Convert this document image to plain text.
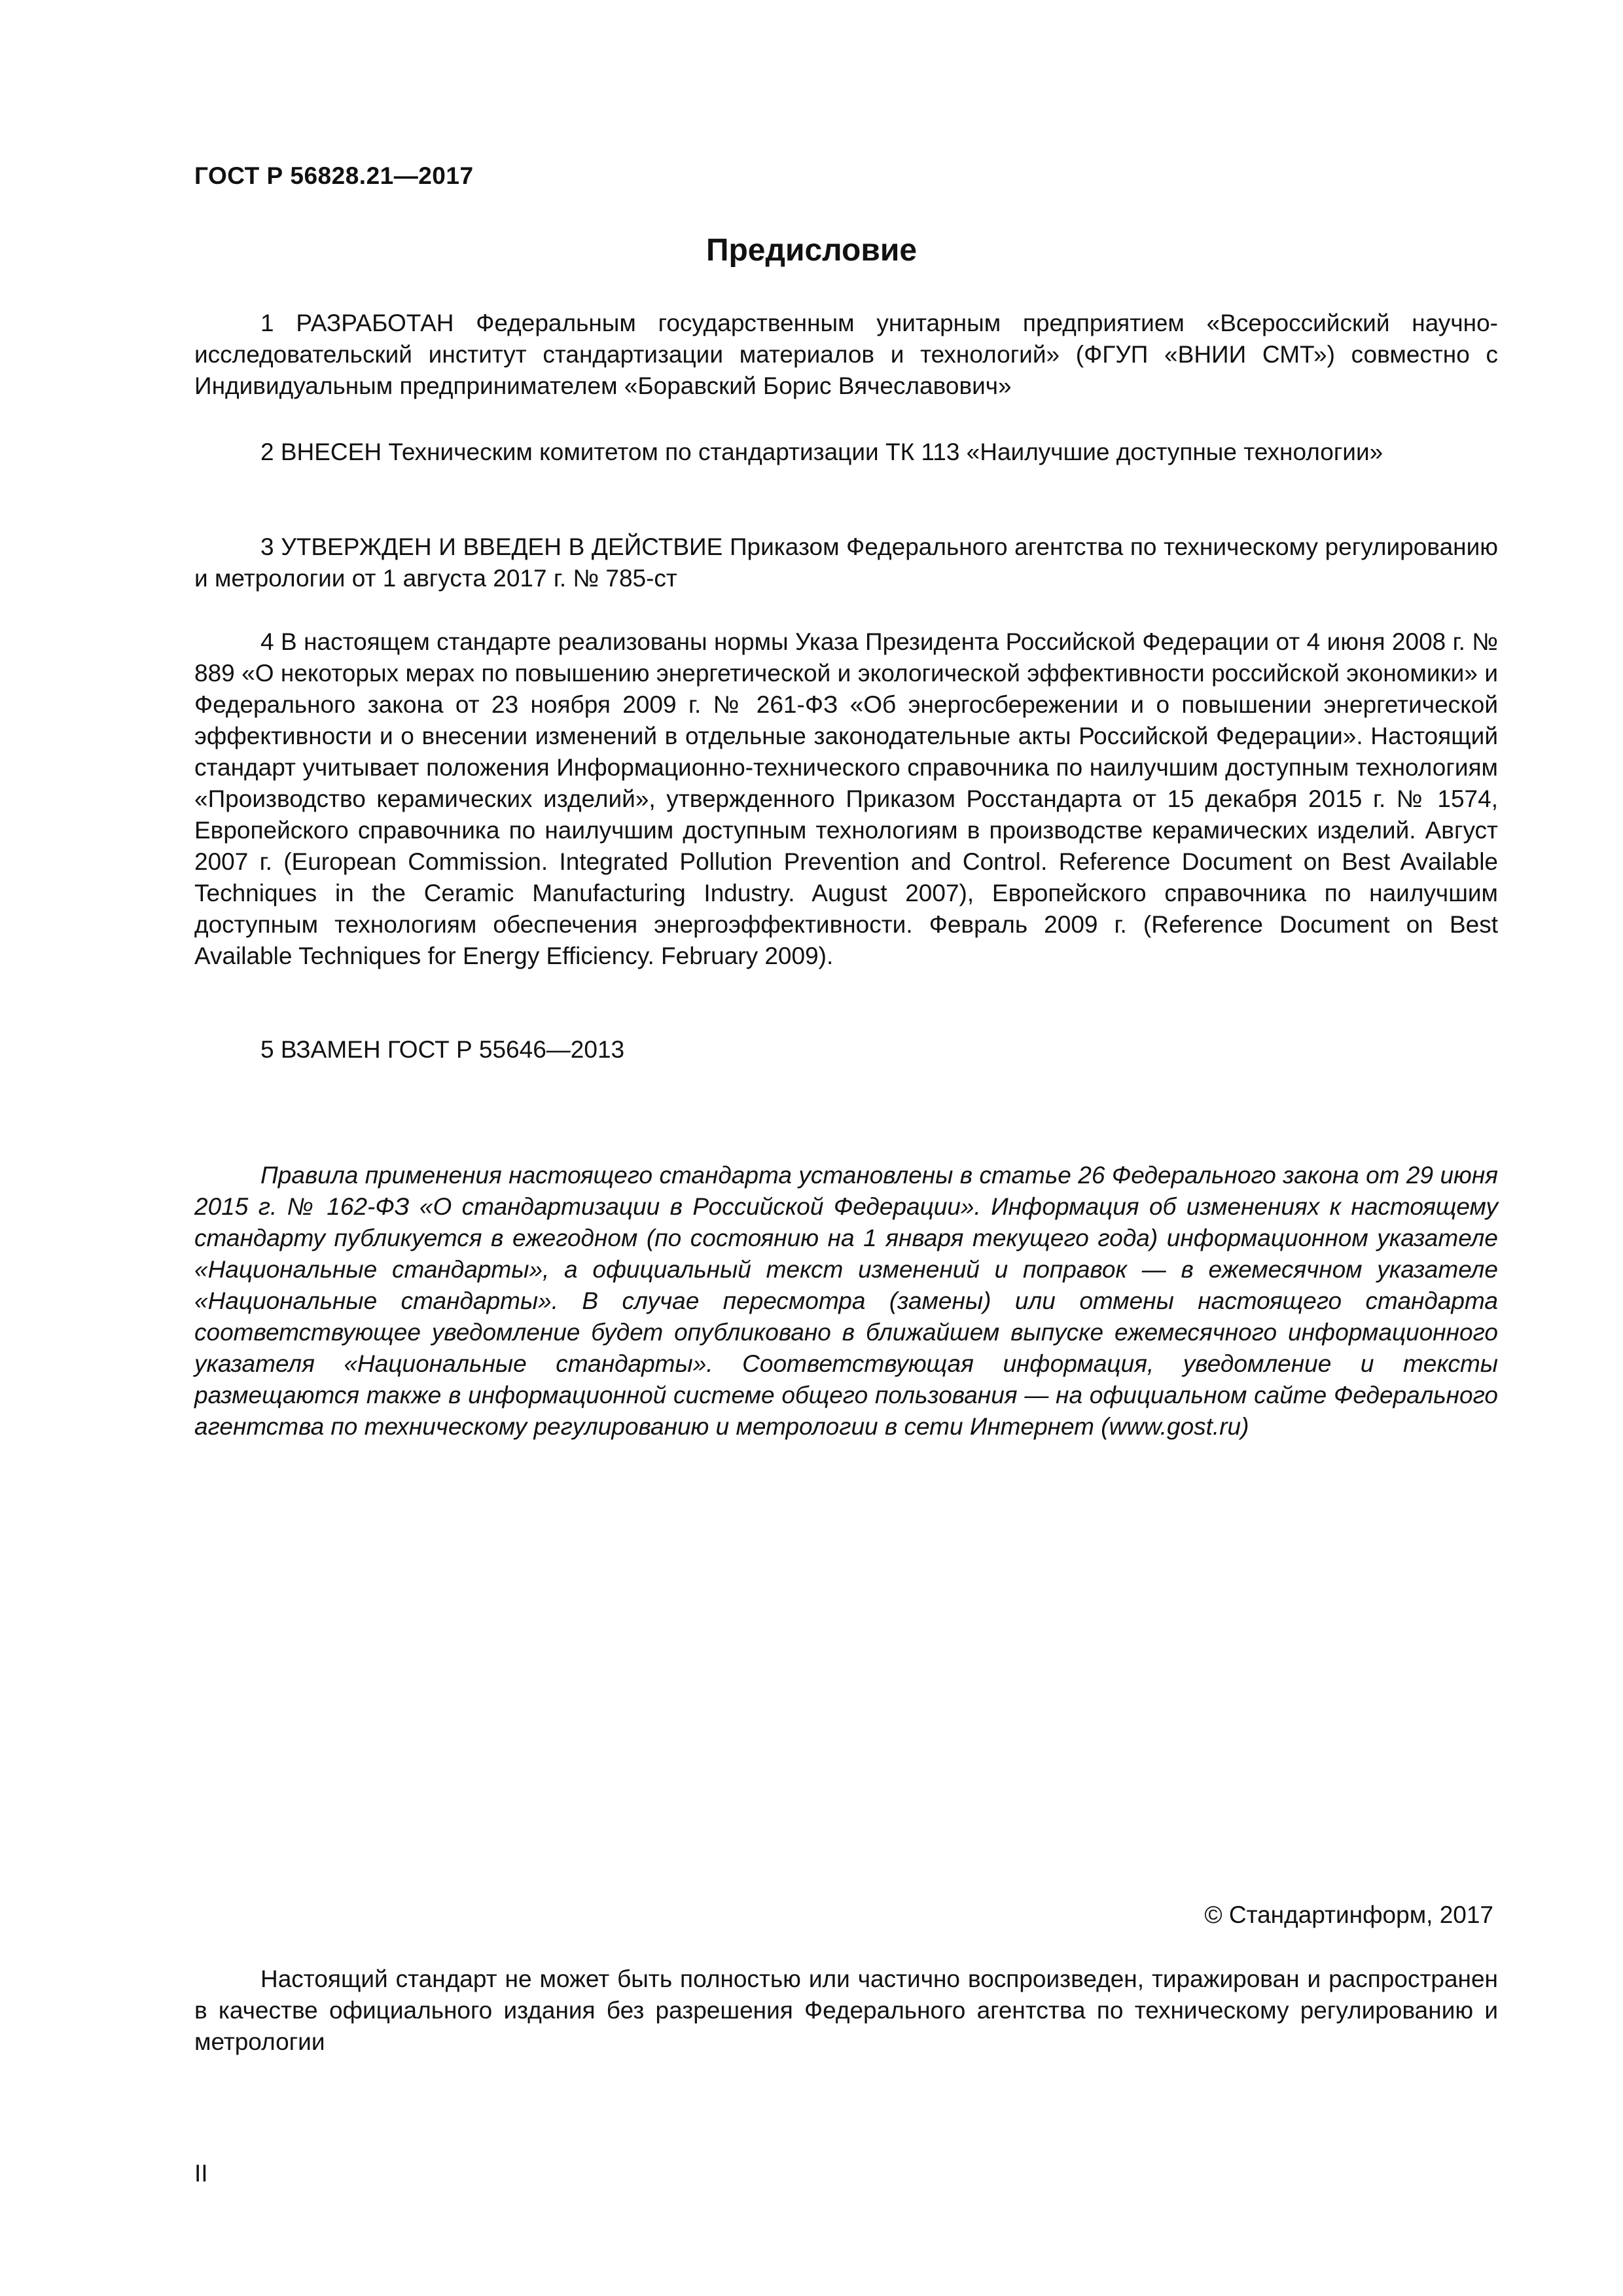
ГОСТ Р 56828.21—2017
Предисловие

1 РАЗРАБОТАН Федеральным государственным унитарным предприятием «Всероссийский научно-исследовательский институт стандартизации материалов и технологий» (ФГУП «ВНИИ СМТ») совместно с Индивидуальным предпринимателем «Боравский Борис Вячеславович»

2 ВНЕСЕН Техническим комитетом по стандартизации ТК 113 «Наилучшие доступные технологии»

3 УТВЕРЖДЕН И ВВЕДЕН В ДЕЙСТВИЕ Приказом Федерального агентства по техническому регулированию и метрологии от 1 августа 2017 г. № 785-ст

4 В настоящем стандарте реализованы нормы Указа Президента Российской Федерации от 4 июня 2008 г. № 889 «О некоторых мерах по повышению энергетической и экологической эффективности российской экономики» и Федерального закона от 23 ноября 2009 г. № 261-ФЗ «Об энергосбережении и о повышении энергетической эффективности и о внесении изменений в отдельные законодательные акты Российской Федерации». Настоящий стандарт учитывает положения Информационно-технического справочника по наилучшим доступным технологиям «Производство керамических изделий», утвержденного Приказом Росстандарта от 15 декабря 2015 г. № 1574, Европейского справочника по наилучшим доступным технологиям в производстве керамических изделий. Август 2007 г. (European Commission. Integrated Pollution Prevention and Control. Reference Document on Best Available Techniques in the Ceramic Manufacturing Industry. August 2007), Европейского справочника по наилучшим доступным технологиям обеспечения энергоэффективности. Февраль 2009 г. (Reference Document on Best Available Techniques for Energy Efficiency. February 2009).

5 ВЗАМЕН ГОСТ Р 55646—2013

Правила применения настоящего стандарта установлены в статье 26 Федерального закона от 29 июня 2015 г. № 162-ФЗ «О стандартизации в Российской Федерации». Информация об изменениях к настоящему стандарту публикуется в ежегодном (по состоянию на 1 января текущего года) информационном указателе «Национальные стандарты», а официальный текст изменений и поправок — в ежемесячном указателе «Национальные стандарты». В случае пересмотра (замены) или отмены настоящего стандарта соответствующее уведомление будет опубликовано в ближайшем выпуске ежемесячного информационного указателя «Национальные стандарты». Соответствующая информация, уведомление и тексты размещаются также в информационной системе общего пользования — на официальном сайте Федерального агентства по техническому регулированию и метрологии в сети Интернет (www.gost.ru)

© Стандартинформ, 2017

Настоящий стандарт не может быть полностью или частично воспроизведен, тиражирован и распространен в качестве официального издания без разрешения Федерального агентства по техническому регулированию и метрологии

II
